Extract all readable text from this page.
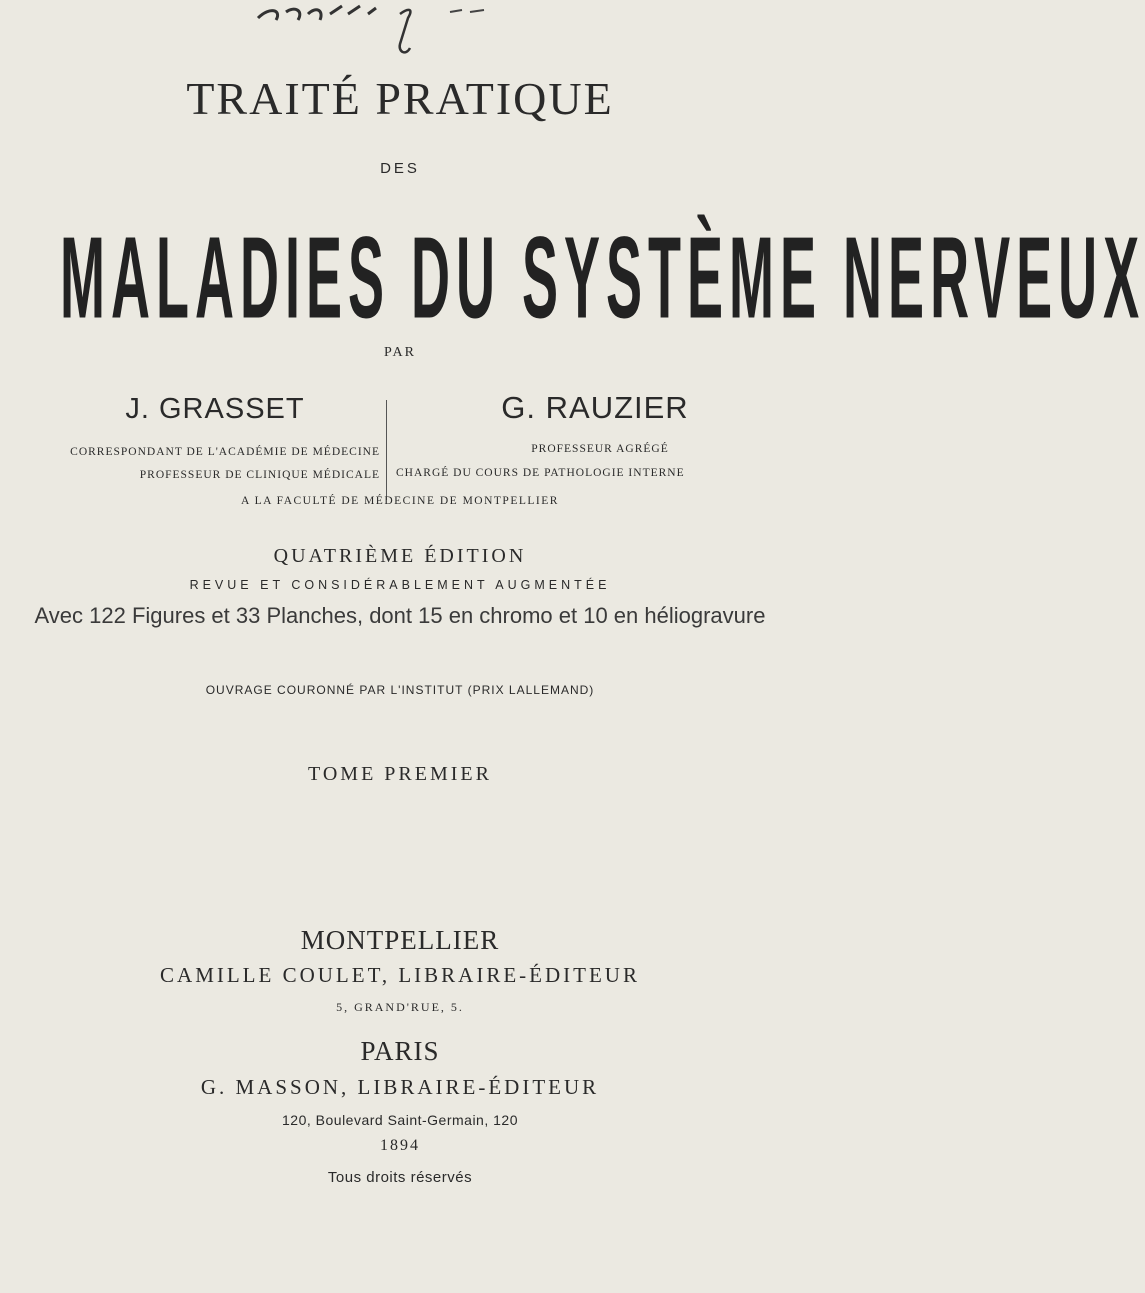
TRAITÉ PRATIQUE
DES
MALADIES DU SYSTÈME NERVEUX
PAR
J. GRASSET	G. RAUZIER
CORRESPONDANT DE L'ACADÉMIE DE MÉDECINE
PROFESSEUR DE CLINIQUE MÉDICALE
PROFESSEUR AGRÉGÉ
CHARGÉ DU COURS DE PATHOLOGIE INTERNE
A LA FACULTÉ DE MÉDECINE DE MONTPELLIER
QUATRIÈME ÉDITION
REVUE ET CONSIDÉRABLEMENT AUGMENTÉE
Avec 122 Figures et 33 Planches, dont 15 en chromo et 10 en héliogravure
OUVRAGE COURONNÉ PAR L'INSTITUT (PRIX LALLEMAND)
TOME PREMIER
MONTPELLIER
CAMILLE COULET, LIBRAIRE-ÉDITEUR
5, GRAND'RUE, 5.
PARIS
G. MASSON, LIBRAIRE-ÉDITEUR
120, Boulevard Saint-Germain, 120
1894
Tous droits réservés
